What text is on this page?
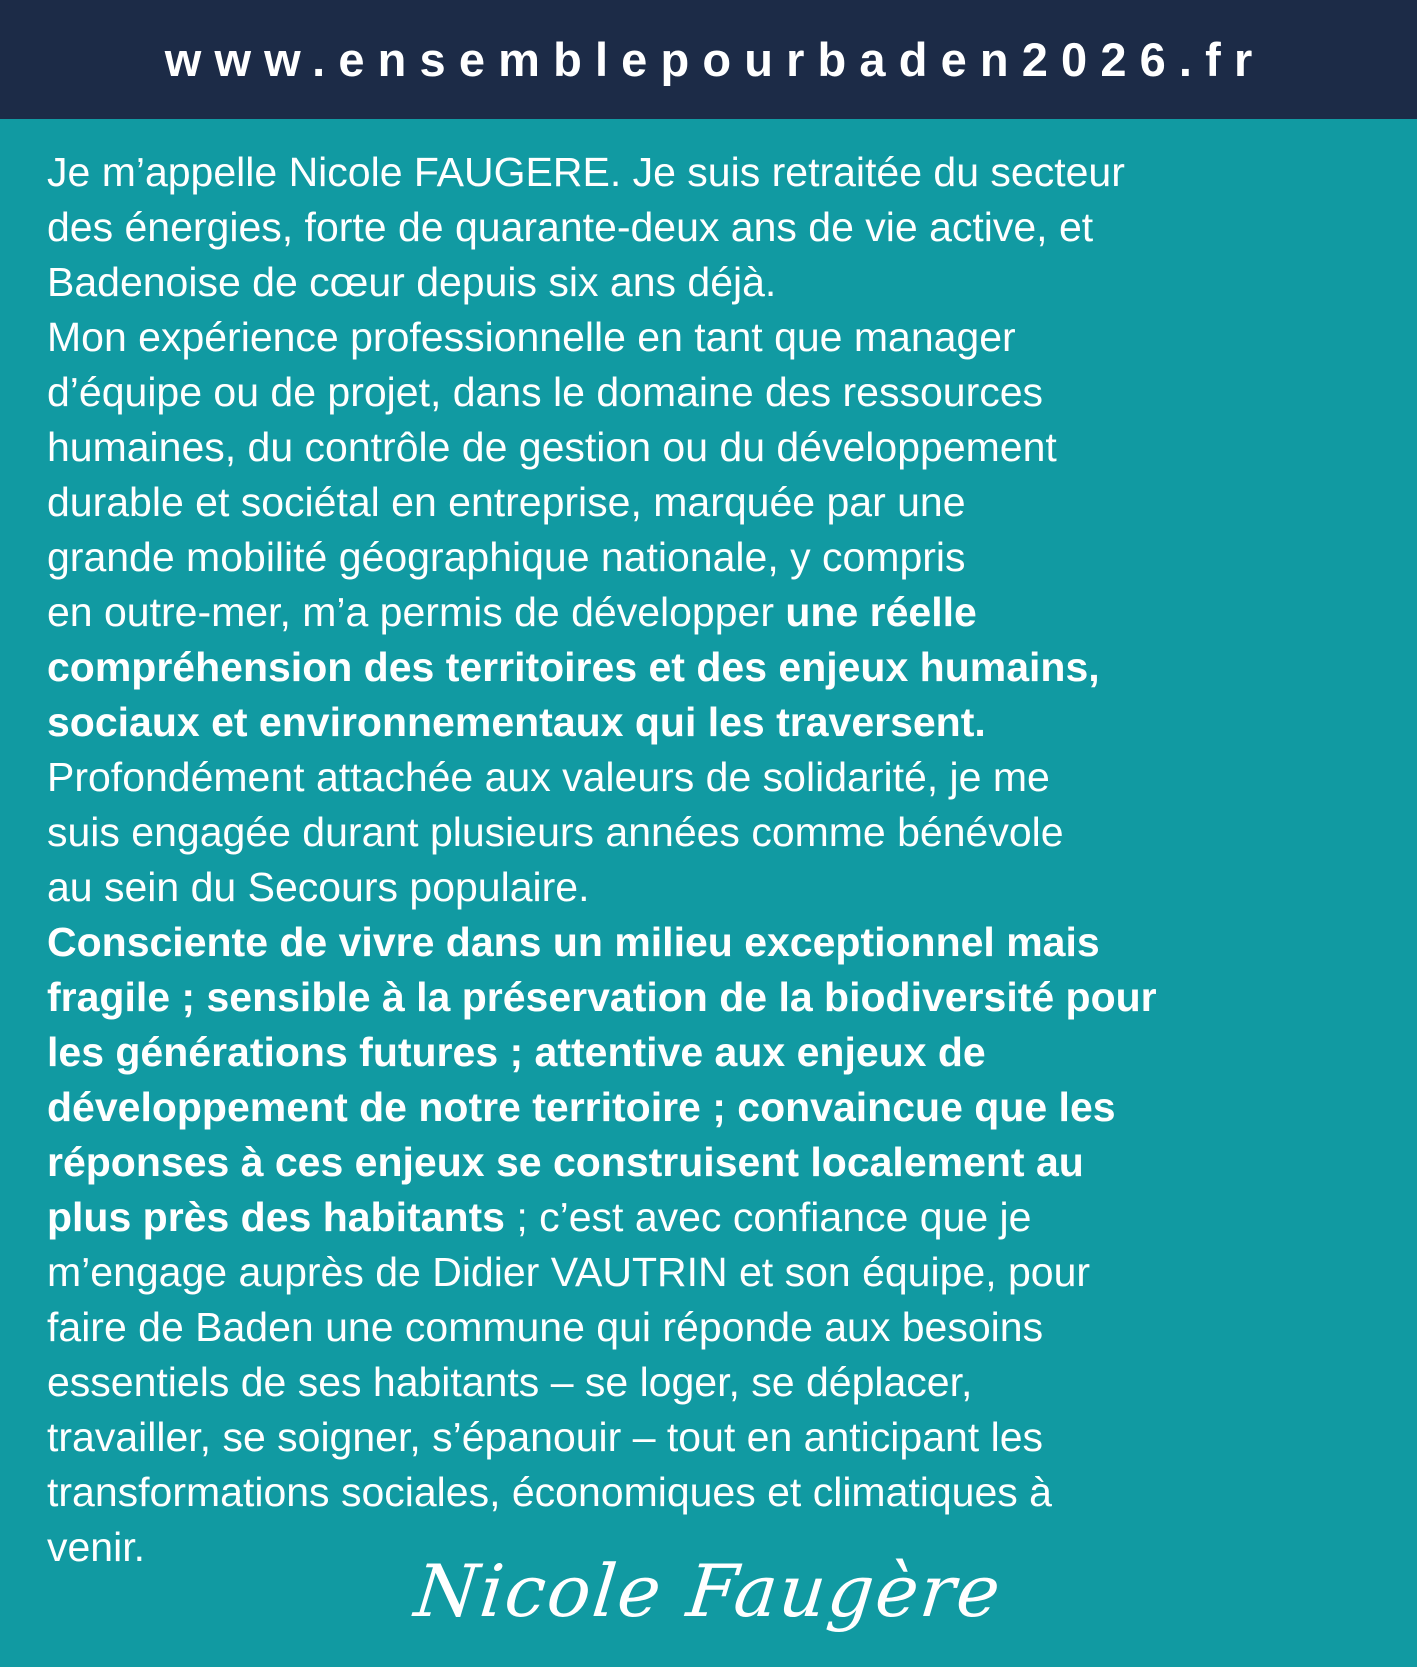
www.ensemblepourbaden2026.fr
Je m’appelle Nicole FAUGERE. Je suis retraitée du secteur
des énergies, forte de quarante-deux ans de vie active, et
Badenoise de cœur depuis six ans déjà.
Mon expérience professionnelle en tant que manager
d’équipe ou de projet, dans le domaine des ressources
humaines, du contrôle de gestion ou du développement
durable et sociétal en entreprise, marquée par une
grande mobilité géographique nationale, y compris
en outre-mer, m’a permis de développer une réelle
compréhension des territoires et des enjeux humains,
sociaux et environnementaux qui les traversent.
Profondément attachée aux valeurs de solidarité, je me
suis engagée durant plusieurs années comme bénévole
au sein du Secours populaire.
Consciente de vivre dans un milieu exceptionnel mais
fragile ; sensible à la préservation de la biodiversité pour
les générations futures ; attentive aux enjeux de
développement de notre territoire ; convaincue que les
réponses à ces enjeux se construisent localement au
plus près des habitants ; c’est avec confiance que je
m’engage auprès de Didier VAUTRIN et son équipe, pour
faire de Baden une commune qui réponde aux besoins
essentiels de ses habitants – se loger, se déplacer,
travailler, se soigner, s’épanouir – tout en anticipant les
transformations sociales, économiques et climatiques à
venir.
Nicole Faugère
